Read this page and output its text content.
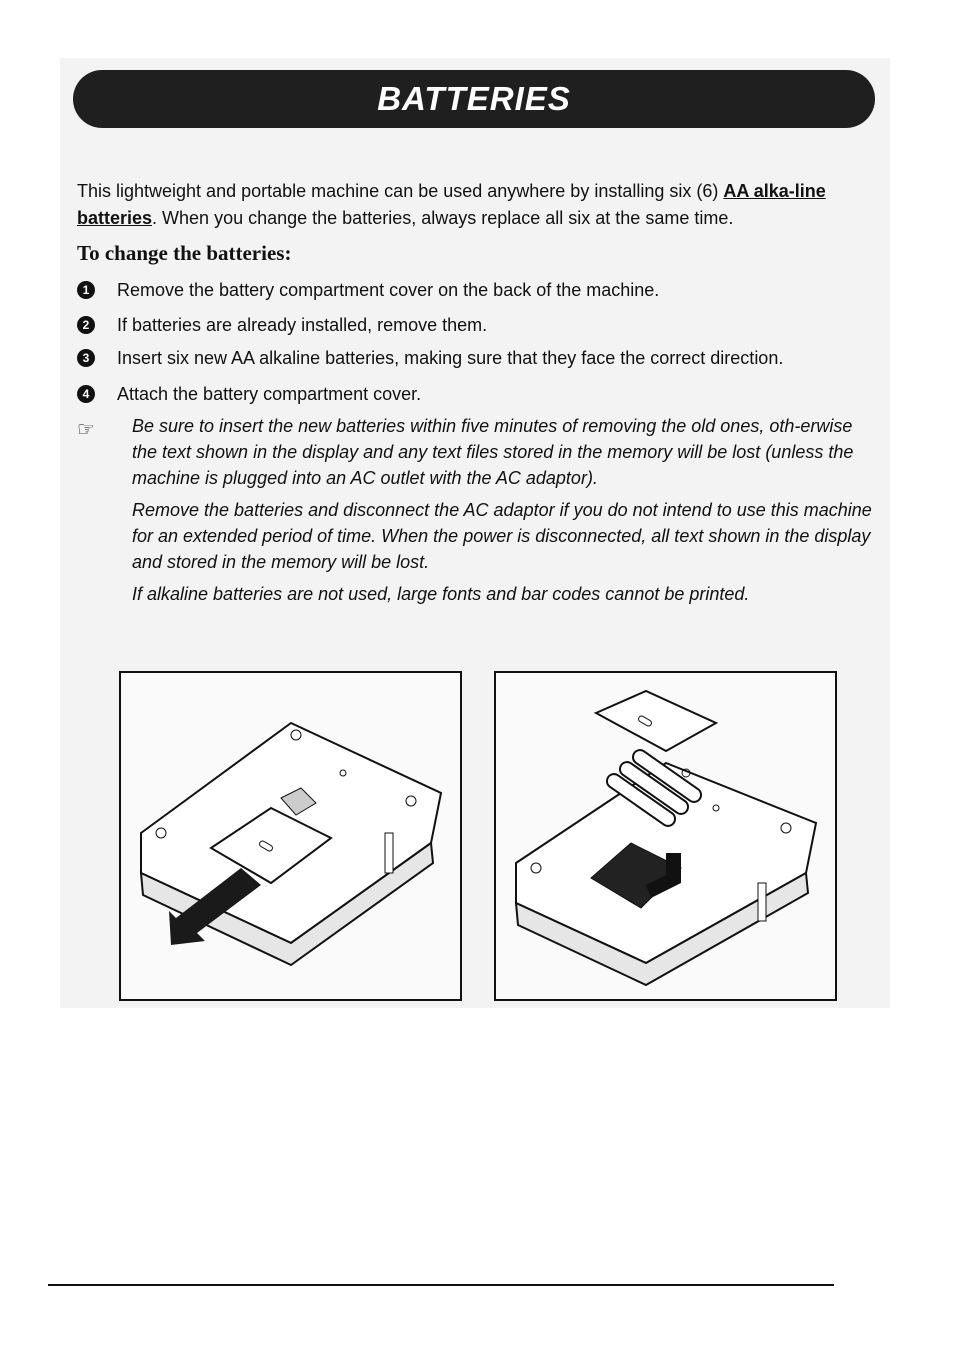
BATTERIES
This lightweight and portable machine can be used anywhere by installing six (6) AA alka-line batteries. When you change the batteries, always replace all six at the same time.
To change the batteries:
1	Remove the battery compartment cover on the back of the machine.
2	If batteries are already installed, remove them.
3	Insert six new AA alkaline batteries, making sure that they face the correct direction.
4	Attach the battery compartment cover.
☞ Be sure to insert the new batteries within five minutes of removing the old ones, oth-erwise the text shown in the display and any text files stored in the memory will be lost (unless the machine is plugged into an AC outlet with the AC adaptor).
Remove the batteries and disconnect the AC adaptor if you do not intend to use this machine for an extended period of time. When the power is disconnected, all text shown in the display and stored in the memory will be lost.
If alkaline batteries are not used, large fonts and bar codes cannot be printed.
